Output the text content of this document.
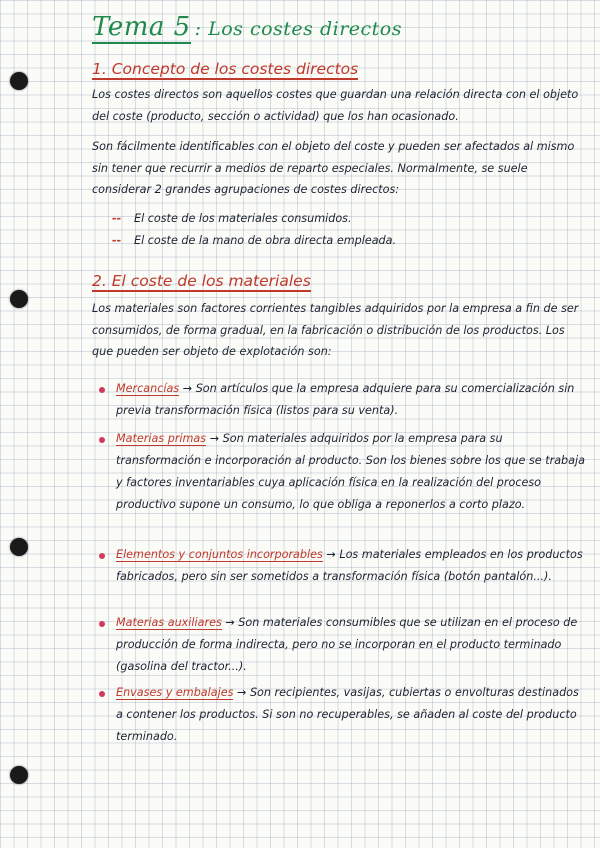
Tema 5 : Los costes directos
1. Concepto de los costes directos
Los costes directos son aquellos costes que guardan una relación directa con el objeto del coste (producto, sección o actividad) que los han ocasionado.
Son fácilmente identificables con el objeto del coste y pueden ser afectados al mismo sin tener que recurrir a medios de reparto especiales. Normalmente, se suele considerar 2 grandes agrupaciones de costes directos:
-- El coste de los materiales consumidos.
-- El coste de la mano de obra directa empleada.
2. El coste de los materiales
Los materiales son factores corrientes tangibles adquiridos por la empresa a fin de ser consumidos, de forma gradual, en la fabricación o distribución de los productos. Los que pueden ser objeto de explotación son:
Mercancías → Son artículos que la empresa adquiere para su comercialización sin previa transformación física (listos para su venta).
Materias primas → Son materiales adquiridos por la empresa para su transformación e incorporación al producto. Son los bienes sobre los que se trabaja y factores inventariables cuya aplicación física en la realización del proceso productivo supone un consumo, lo que obliga a reponerlos a corto plazo.
Elementos y conjuntos incorporables → Los materiales empleados en los productos fabricados, pero sin ser sometidos a transformación física (botón pantalón...).
Materias auxiliares → Son materiales consumibles que se utilizan en el proceso de producción de forma indirecta, pero no se incorporan en el producto terminado (gasolina del tractor...).
Envases y embalajes → Son recipientes, vasijas, cubiertas o envolturas destinados a contener los productos. Si son no recuperables, se añaden al coste del producto terminado.
